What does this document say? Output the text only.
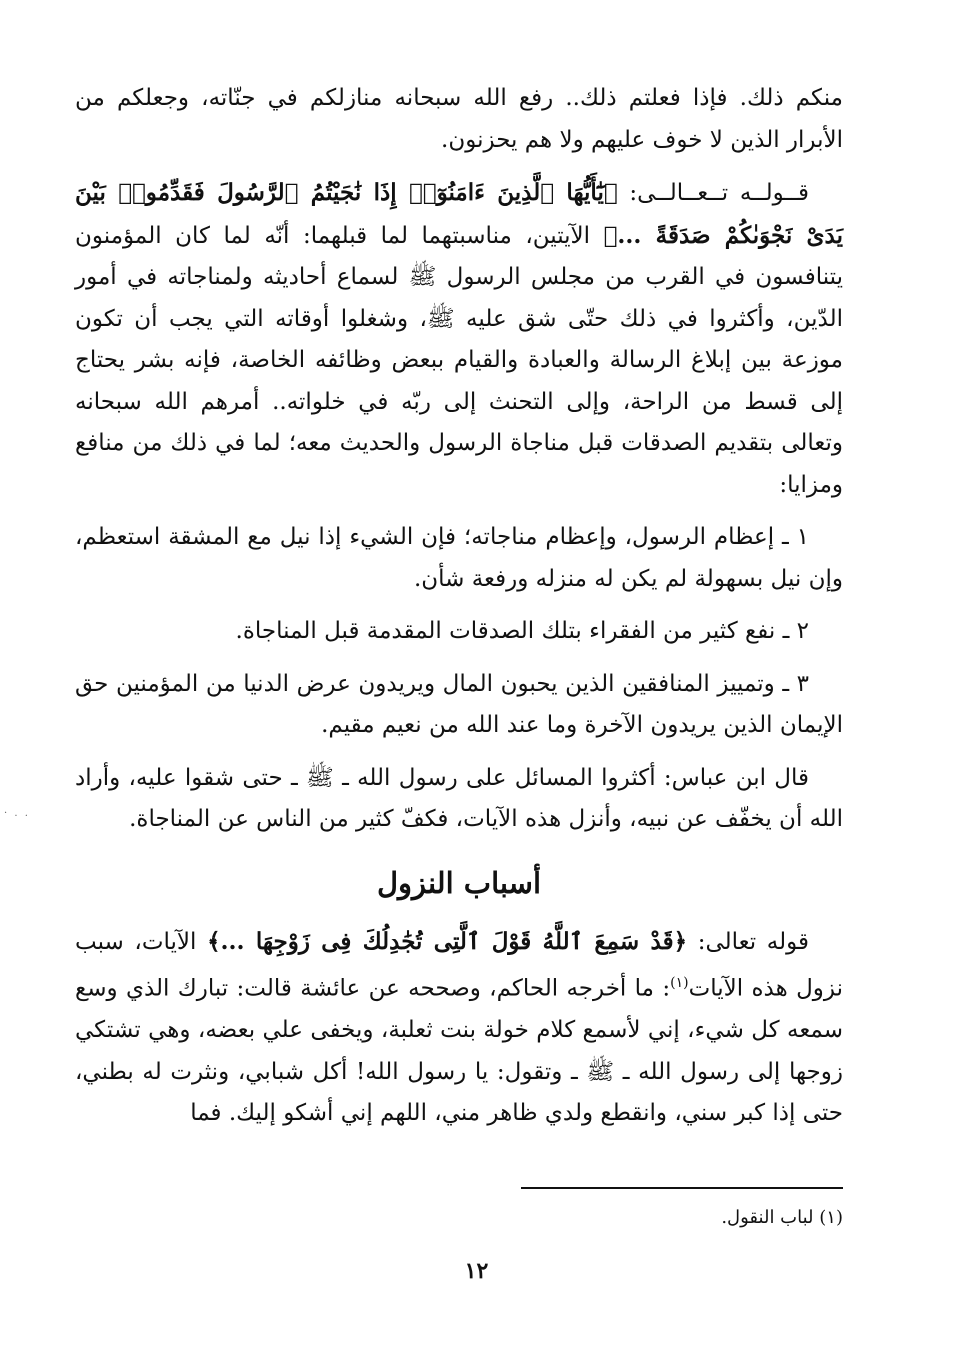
منكم ذلك. فإذا فعلتم ذلك.. رفع الله سبحانه منازلكم في جنّاته، وجعلكم من الأبرار الذين لا خوف عليهم ولا هم يحزنون.

قــولــه تــعــالــى: ﴿يَٰٓأَيُّهَا ٱلَّذِينَ ءَامَنُوٓا۟ إِذَا نَٰجَيْتُمُ ٱلرَّسُولَ فَقَدِّمُوا۟ بَيْنَ يَدَىْ نَجْوَىٰكُمْ صَدَقَةً ...﴾ الآيتين، مناسبتهما لما قبلهما: أنّه لما كان المؤمنون يتنافسون في القرب من مجلس الرسول ﷺ لسماع أحاديثه ولمناجاته في أمور الدّين، وأكثروا في ذلك حتّى شق عليه ﷺ، وشغلوا أوقاته التي يجب أن تكون موزعة بين إبلاغ الرسالة والعبادة والقيام ببعض وظائفه الخاصة، فإنه بشر يحتاج إلى قسط من الراحة، وإلى التحنث إلى ربّه في خلواته.. أمرهم الله سبحانه وتعالى بتقديم الصدقات قبل مناجاة الرسول والحديث معه؛ لما في ذلك من منافع ومزايا:

١ ـ إعظام الرسول، وإعظام مناجاته؛ فإن الشيء إذا نيل مع المشقة استعظم، وإن نيل بسهولة لم يكن له منزله ورفعة شأن.

٢ ـ نفع كثير من الفقراء بتلك الصدقات المقدمة قبل المناجاة.

٣ ـ وتمييز المنافقين الذين يحبون المال ويريدون عرض الدنيا من المؤمنين حق الإيمان الذين يريدون الآخرة وما عند الله من نعيم مقيم.

قال ابن عباس: أكثروا المسائل على رسول الله ـ ﷺ ـ حتى شقوا عليه، وأراد الله أن يخفّف عن نبيه، وأنزل هذه الآيات، فكفّ كثير من الناس عن المناجاة.

أسباب النزول

قوله تعالى: ﴿قَدْ سَمِعَ ٱللَّهُ قَوْلَ ٱلَّتِى تُجَٰدِلُكَ فِى زَوْجِهَا ...﴾ الآيات، سبب نزول هذه الآيات$^{(١)}$: ما أخرجه الحاكم، وصححه عن عائشة قالت: تبارك الذي وسع سمعه كل شيء، إني لأسمع كلام خولة بنت ثعلبة، ويخفى علي بعضه، وهي تشتكي زوجها إلى رسول الله ـ ﷺ ـ وتقول: يا رسول الله! أكل شبابي، ونثرت له بطني، حتى إذا كبر سني، وانقطع ولدي ظاهر مني، اللهم إني أشكو إليك. فما

. . ·
(١) لباب النقول.
١٢
